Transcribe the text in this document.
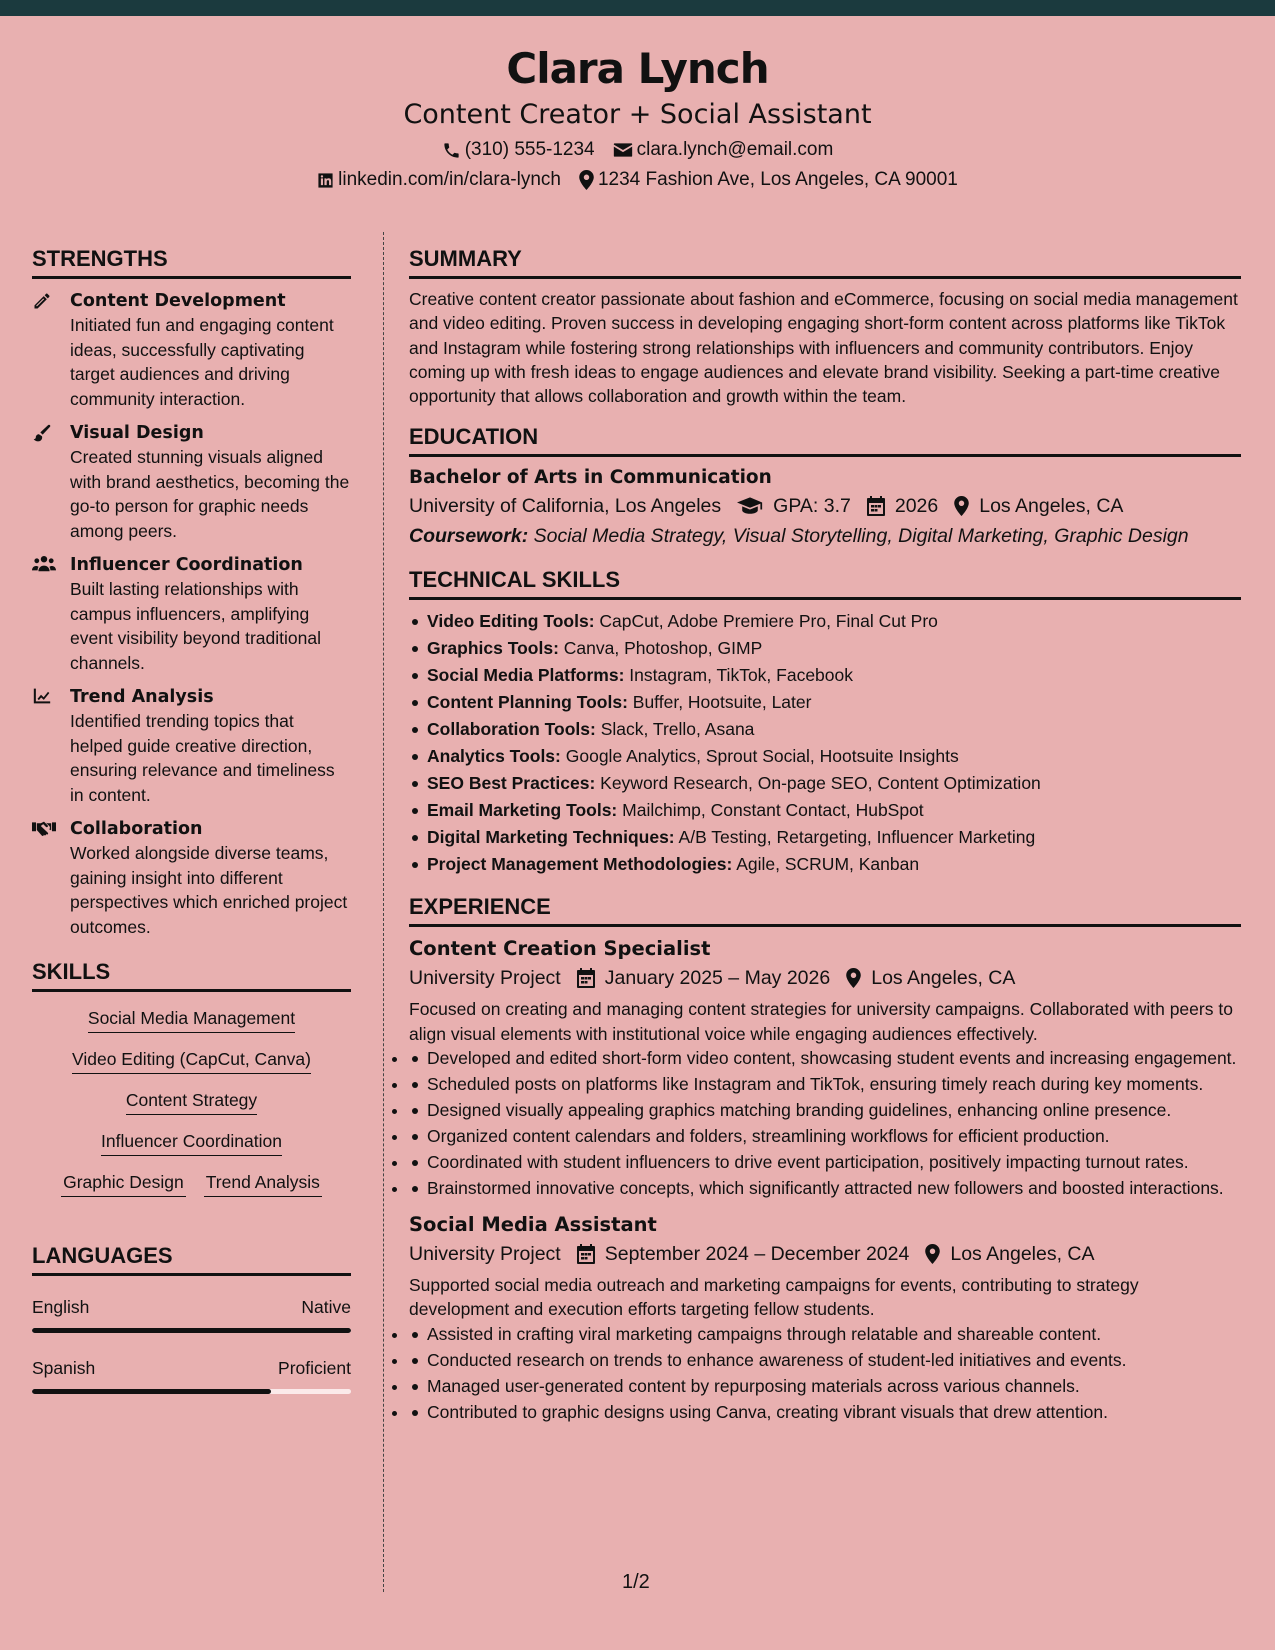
Clara Lynch
Content Creator + Social Assistant
(310) 555-1234 clara.lynch@email.com
linkedin.com/in/clara-lynch 1234 Fashion Ave, Los Angeles, CA 90001
STRENGTHS
Content Development
Initiated fun and engaging content ideas, successfully captivating target audiences and driving community interaction.
Visual Design
Created stunning visuals aligned with brand aesthetics, becoming the go-to person for graphic needs among peers.
Influencer Coordination
Built lasting relationships with campus influencers, amplifying event visibility beyond traditional channels.
Trend Analysis
Identified trending topics that helped guide creative direction, ensuring relevance and timeliness in content.
Collaboration
Worked alongside diverse teams, gaining insight into different perspectives which enriched project outcomes.
SKILLS
Social Media Management
Video Editing (CapCut, Canva)
Content Strategy
Influencer Coordination
Graphic Design Trend Analysis
LANGUAGES
English	Native
Spanish	Proficient
SUMMARY
Creative content creator passionate about fashion and eCommerce, focusing on social media management and video editing. Proven success in developing engaging short-form content across platforms like TikTok and Instagram while fostering strong relationships with influencers and community contributors. Enjoy coming up with fresh ideas to engage audiences and elevate brand visibility. Seeking a part-time creative opportunity that allows collaboration and growth within the team.
EDUCATION
Bachelor of Arts in Communication
University of California, Los Angeles	GPA: 3.7 2026 Los Angeles, CA
Coursework: Social Media Strategy, Visual Storytelling, Digital Marketing, Graphic Design
TECHNICAL SKILLS
Video Editing Tools: CapCut, Adobe Premiere Pro, Final Cut Pro
Graphics Tools: Canva, Photoshop, GIMP
Social Media Platforms: Instagram, TikTok, Facebook
Content Planning Tools: Buffer, Hootsuite, Later
Collaboration Tools: Slack, Trello, Asana
Analytics Tools: Google Analytics, Sprout Social, Hootsuite Insights
SEO Best Practices: Keyword Research, On-page SEO, Content Optimization
Email Marketing Tools: Mailchimp, Constant Contact, HubSpot
Digital Marketing Techniques: A/B Testing, Retargeting, Influencer Marketing
Project Management Methodologies: Agile, SCRUM, Kanban
EXPERIENCE
Content Creation Specialist
University Project January 2025 – May 2026 Los Angeles, CA
Focused on creating and managing content strategies for university campaigns. Collaborated with peers to align visual elements with institutional voice while engaging audiences effectively.
• Developed and edited short-form video content, showcasing student events and increasing engagement.
• Scheduled posts on platforms like Instagram and TikTok, ensuring timely reach during key moments.
• Designed visually appealing graphics matching branding guidelines, enhancing online presence.
• Organized content calendars and folders, streamlining workflows for efficient production.
• Coordinated with student influencers to drive event participation, positively impacting turnout rates.
• Brainstormed innovative concepts, which significantly attracted new followers and boosted interactions.
Social Media Assistant
University Project September 2024 – December 2024 Los Angeles, CA
Supported social media outreach and marketing campaigns for events, contributing to strategy development and execution efforts targeting fellow students.
• Assisted in crafting viral marketing campaigns through relatable and shareable content.
• Conducted research on trends to enhance awareness of student-led initiatives and events.
• Managed user-generated content by repurposing materials across various channels.
• Contributed to graphic designs using Canva, creating vibrant visuals that drew attention.
1/2
